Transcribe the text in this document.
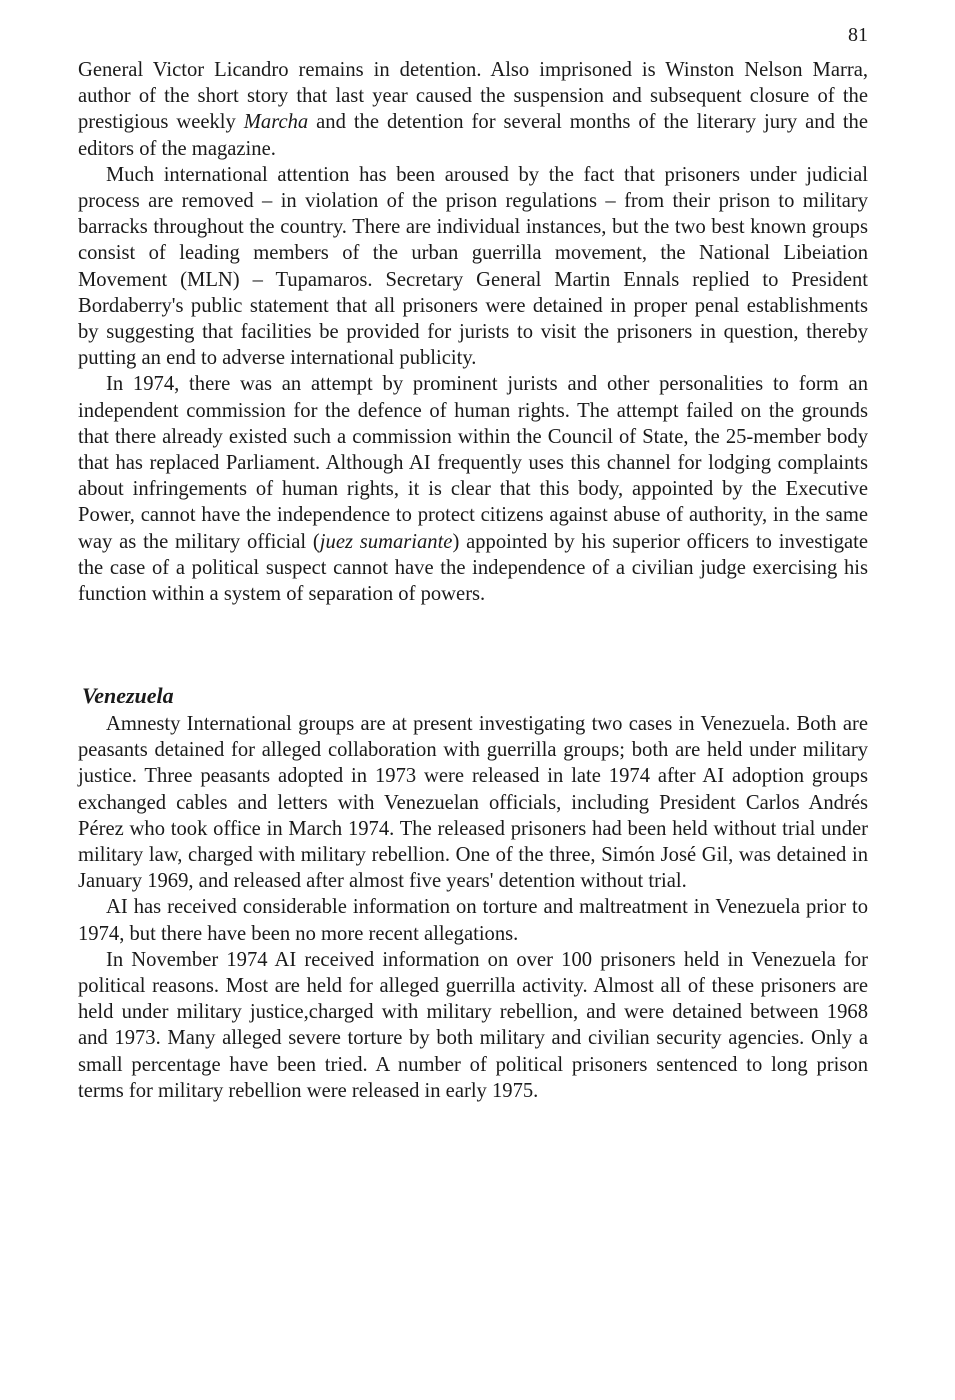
81

General Victor Licandro remains in detention. Also imprisoned is Winston Nelson Marra, author of the short story that last year caused the suspension and subsequent closure of the prestigious weekly Marcha and the detention for several months of the literary jury and the editors of the magazine.

Much international attention has been aroused by the fact that prisoners under judicial process are removed – in violation of the prison regulations – from their prison to military barracks throughout the country. There are individual instances, but the two best known groups consist of leading members of the urban guerrilla movement, the National Libeiation Movement (MLN) – Tupamaros. Secretary General Martin Ennals replied to President Bordaberry's public statement that all prisoners were detained in proper penal establishments by suggesting that facilities be provided for jurists to visit the prisoners in question, thereby putting an end to adverse international publicity.

In 1974, there was an attempt by prominent jurists and other personalities to form an independent commission for the defence of human rights. The attempt failed on the grounds that there already existed such a commission within the Council of State, the 25-member body that has replaced Parliament. Although AI frequently uses this channel for lodging complaints about infringements of human rights, it is clear that this body, appointed by the Executive Power, cannot have the independence to protect citizens against abuse of authority, in the same way as the military official (juez sumariante) appointed by his superior officers to investigate the case of a political suspect cannot have the independence of a civilian judge exercising his function within a system of separation of powers.

Venezuela

Amnesty International groups are at present investigating two cases in Venezuela. Both are peasants detained for alleged collaboration with guerrilla groups; both are held under military justice. Three peasants adopted in 1973 were released in late 1974 after AI adoption groups exchanged cables and letters with Venezuelan officials, including President Carlos Andrés Pérez who took office in March 1974. The released prisoners had been held without trial under military law, charged with military rebellion. One of the three, Simón José Gil, was detained in January 1969, and released after almost five years' detention without trial.

AI has received considerable information on torture and maltreatment in Venezuela prior to 1974, but there have been no more recent allegations.

In November 1974 AI received information on over 100 prisoners held in Venezuela for political reasons. Most are held for alleged guerrilla activity. Almost all of these prisoners are held under military justice,charged with military rebellion, and were detained between 1968 and 1973. Many alleged severe torture by both military and civilian security agencies. Only a small percentage have been tried. A number of political prisoners sentenced to long prison terms for military rebellion were released in early 1975.
